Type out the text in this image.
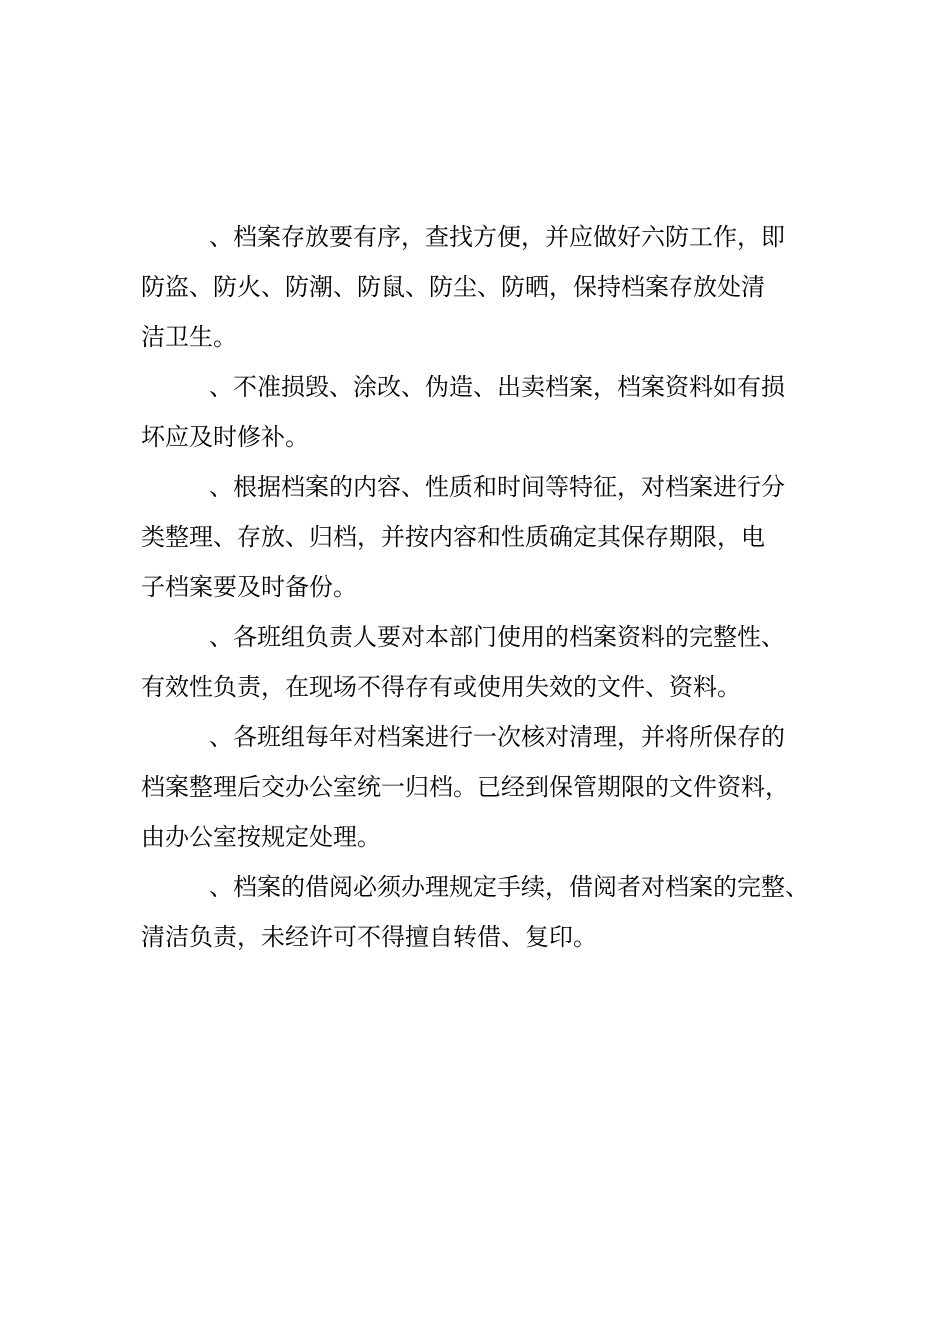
、档案存放要有序，查找方便，并应做好六防工作，即
防盗、防火、防潮、防鼠、防尘、防晒，保持档案存放处清
洁卫生。

、不准损毁、涂改、伪造、出卖档案，档案资料如有损
坏应及时修补。

、根据档案的内容、性质和时间等特征，对档案进行分
类整理、存放、归档，并按内容和性质确定其保存期限，电
子档案要及时备份。

、各班组负责人要对本部门使用的档案资料的完整性、
有效性负责，在现场不得存有或使用失效的文件、资料。

、各班组每年对档案进行一次核对清理，并将所保存的
档案整理后交办公室统一归档。已经到保管期限的文件资料，
由办公室按规定处理。

、档案的借阅必须办理规定手续，借阅者对档案的完整、
清洁负责，未经许可不得擅自转借、复印。
